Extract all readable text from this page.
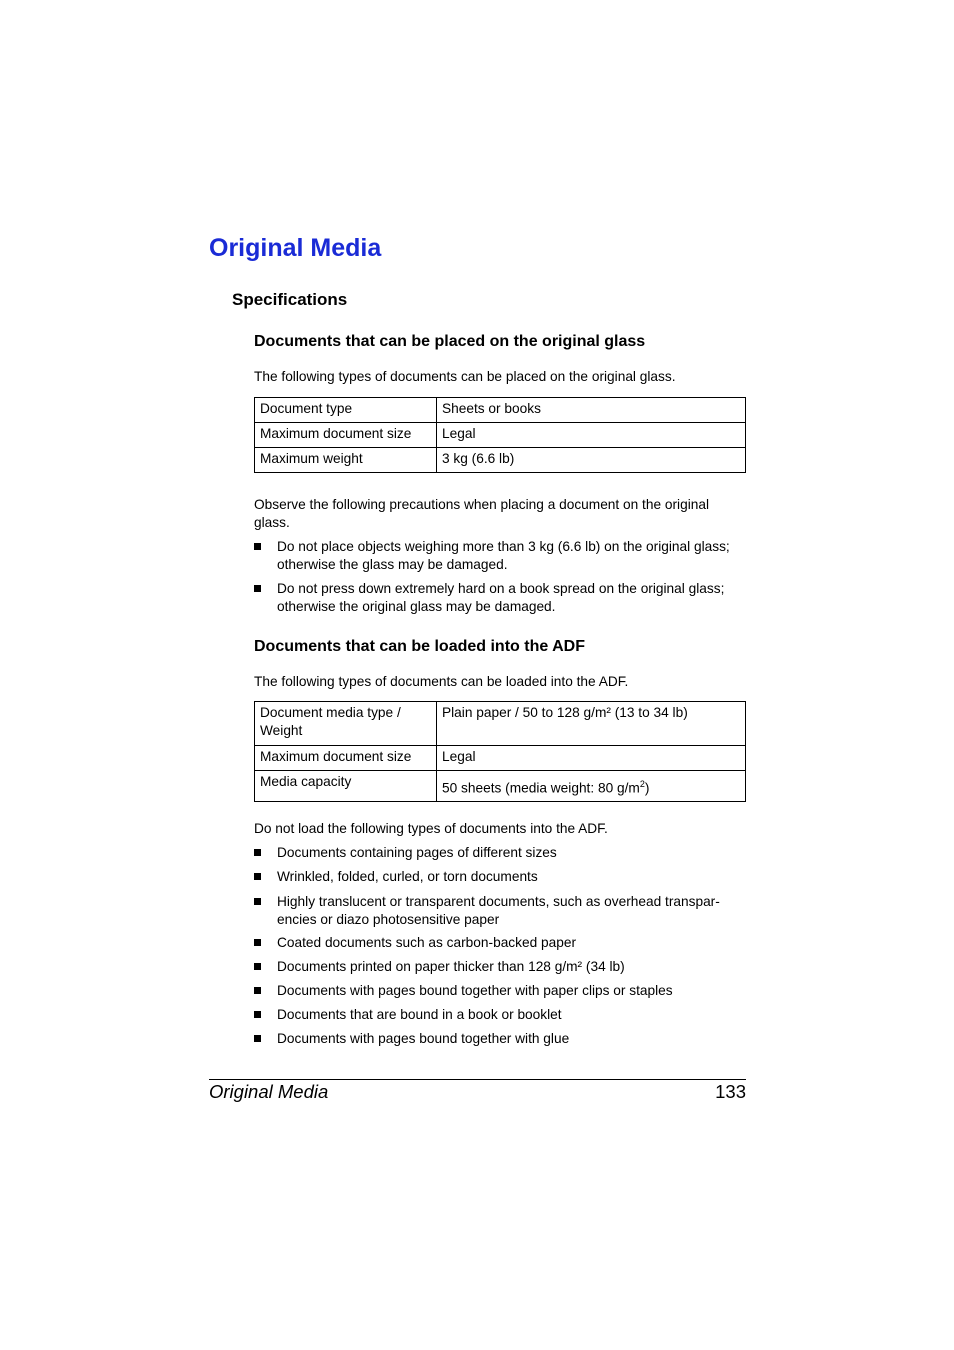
Original Media
Specifications
Documents that can be placed on the original glass
The following types of documents can be placed on the original glass.
Document type	Sheets or books
Maximum document size	Legal
Maximum weight	3 kg (6.6 lb)
Observe the following precautions when placing a document on the original glass.
Do not place objects weighing more than 3 kg (6.6 lb) on the original glass; otherwise the glass may be damaged.
Do not press down extremely hard on a book spread on the original glass; otherwise the original glass may be damaged.
Documents that can be loaded into the ADF
The following types of documents can be loaded into the ADF.
Document media type / Weight	Plain paper / 50 to 128 g/m² (13 to 34 lb)
Maximum document size	Legal
Media capacity	50 sheets (media weight: 80 $g/m^2$)
Do not load the following types of documents into the ADF.
Documents containing pages of different sizes
Wrinkled, folded, curled, or torn documents
Highly translucent or transparent documents, such as overhead transpar-encies or diazo photosensitive paper
Coated documents such as carbon-backed paper
Documents printed on paper thicker than 128 g/m² (34 lb)
Documents with pages bound together with paper clips or staples
Documents that are bound in a book or booklet
Documents with pages bound together with glue
Original Media	133
